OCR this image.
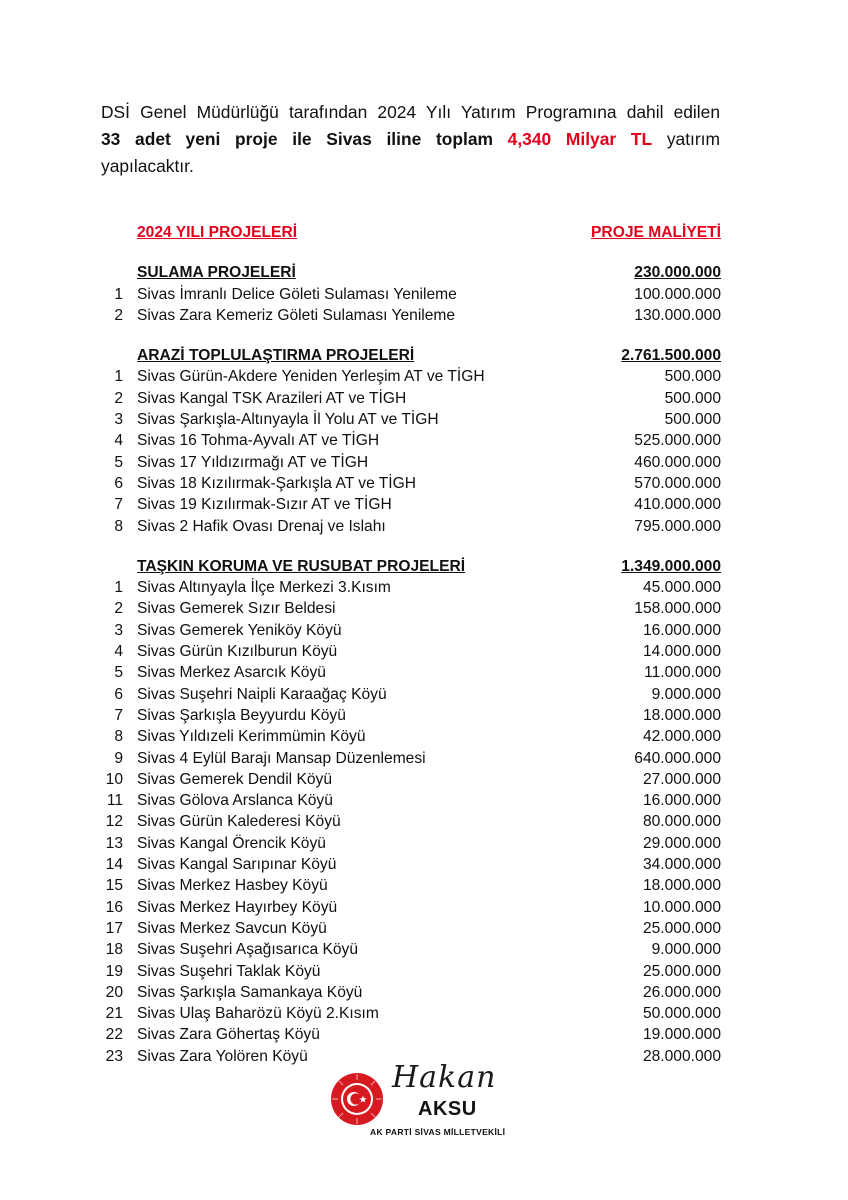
DSİ Genel Müdürlüğü tarafından 2024 Yılı Yatırım Programına dahil edilen
33 adet yeni proje ile Sivas iline toplam 4,340 Milyar TL yatırım
yapılacaktır.
2024 YILI PROJELERİ	PROJE MALİYETİ
SULAMA PROJELERİ	230.000.000
1 Sivas İmranlı Delice Göleti Sulaması Yenileme	100.000.000
2 Sivas Zara Kemeriz Göleti Sulaması Yenileme	130.000.000
ARAZİ TOPLULAŞTIRMA PROJELERİ	2.761.500.000
1 Sivas Gürün-Akdere Yeniden Yerleşim AT ve TİGH	500.000
2 Sivas Kangal TSK Arazileri AT ve TİGH	500.000
3 Sivas Şarkışla-Altınyayla İl Yolu AT ve TİGH	500.000
4 Sivas 16 Tohma-Ayvalı AT ve TİGH	525.000.000
5 Sivas 17 Yıldızırmağı AT ve TİGH	460.000.000
6 Sivas 18 Kızılırmak-Şarkışla AT ve TİGH	570.000.000
7 Sivas 19 Kızılırmak-Sızır AT ve TİGH	410.000.000
8 Sivas 2 Hafik Ovası Drenaj ve Islahı	795.000.000
TAŞKIN KORUMA VE RUSUBAT PROJELERİ	1.349.000.000
1 Sivas Altınyayla İlçe Merkezi 3.Kısım	45.000.000
2 Sivas Gemerek Sızır Beldesi	158.000.000
3 Sivas Gemerek Yeniköy Köyü	16.000.000
4 Sivas Gürün Kızılburun Köyü	14.000.000
5 Sivas Merkez Asarcık Köyü	11.000.000
6 Sivas Suşehri Naipli Karaağaç Köyü	9.000.000
7 Sivas Şarkışla Beyyurdu Köyü	18.000.000
8 Sivas Yıldızeli Kerimmümin Köyü	42.000.000
9 Sivas 4 Eylül Barajı Mansap Düzenlemesi	640.000.000
10 Sivas Gemerek Dendil Köyü	27.000.000
11 Sivas Gölova Arslanca Köyü	16.000.000
12 Sivas Gürün Kalederesi Köyü	80.000.000
13 Sivas Kangal Örencik Köyü	29.000.000
14 Sivas Kangal Sarıpınar Köyü	34.000.000
15 Sivas Merkez Hasbey Köyü	18.000.000
16 Sivas Merkez Hayırbey Köyü	10.000.000
17 Sivas Merkez Savcun Köyü	25.000.000
18 Sivas Suşehri Aşağısarıca Köyü	9.000.000
19 Sivas Suşehri Taklak Köyü	25.000.000
20 Sivas Şarkışla Samankaya Köyü	26.000.000
21 Sivas Ulaş Baharözü Köyü 2.Kısım	50.000.000
22 Sivas Zara Göhertaş Köyü	19.000.000
23 Sivas Zara Yolören Köyü	28.000.000
Hakan
AKSU
AK PARTİ SİVAS MİLLETVEKİLİ
